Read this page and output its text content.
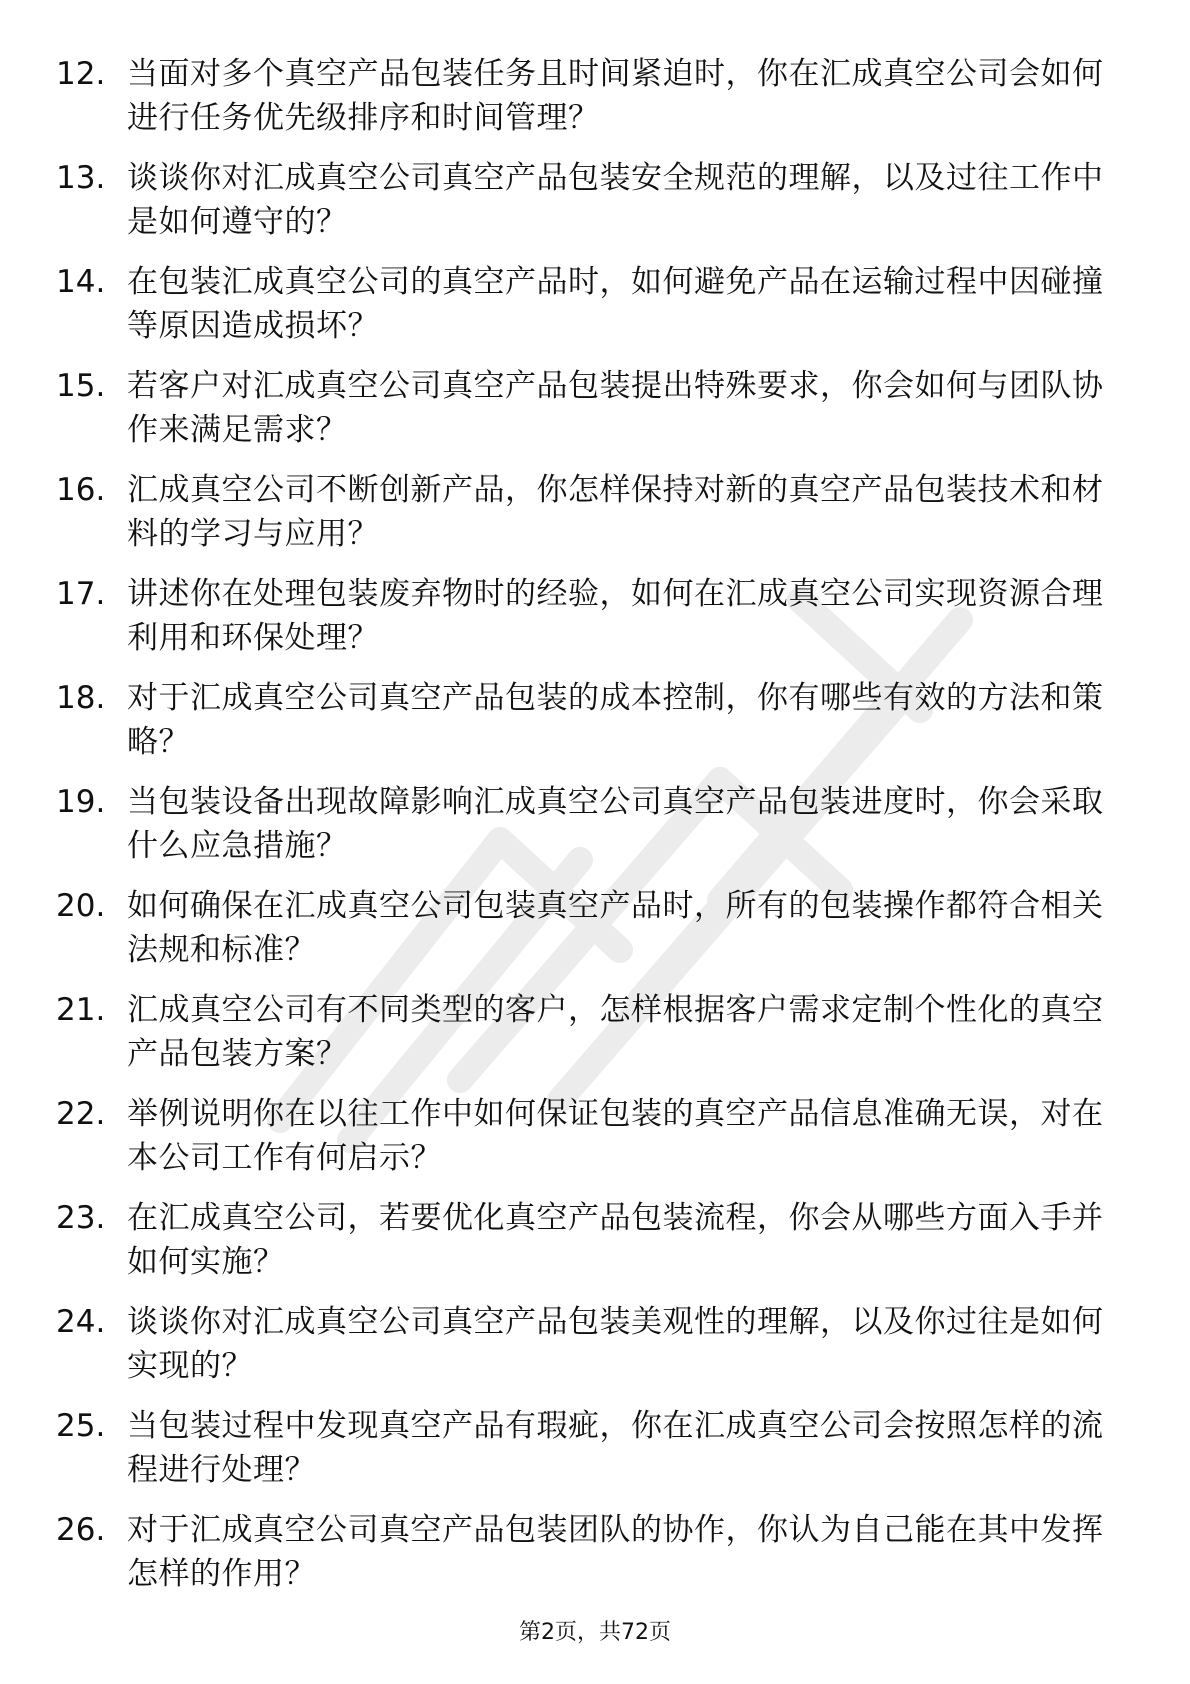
12. 当面对多个真空产品包装任务且时间紧迫时，你在汇成真空公司会如何进行任务优先级排序和时间管理？
13. 谈谈你对汇成真空公司真空产品包装安全规范的理解，以及过往工作中是如何遵守的？
14. 在包装汇成真空公司的真空产品时，如何避免产品在运输过程中因碰撞等原因造成损坏？
15. 若客户对汇成真空公司真空产品包装提出特殊要求，你会如何与团队协作来满足需求？
16. 汇成真空公司不断创新产品，你怎样保持对新的真空产品包装技术和材料的学习与应用？
17. 讲述你在处理包装废弃物时的经验，如何在汇成真空公司实现资源合理利用和环保处理？
18. 对于汇成真空公司真空产品包装的成本控制，你有哪些有效的方法和策略？
19. 当包装设备出现故障影响汇成真空公司真空产品包装进度时，你会采取什么应急措施？
20. 如何确保在汇成真空公司包装真空产品时，所有的包装操作都符合相关法规和标准？
21. 汇成真空公司有不同类型的客户，怎样根据客户需求定制个性化的真空产品包装方案？
22. 举例说明你在以往工作中如何保证包装的真空产品信息准确无误，对在本公司工作有何启示？
23. 在汇成真空公司，若要优化真空产品包装流程，你会从哪些方面入手并如何实施？
24. 谈谈你对汇成真空公司真空产品包装美观性的理解，以及你过往是如何实现的？
25. 当包装过程中发现真空产品有瑕疵，你在汇成真空公司会按照怎样的流程进行处理？
26. 对于汇成真空公司真空产品包装团队的协作，你认为自己能在其中发挥怎样的作用？
第2页，共72页
